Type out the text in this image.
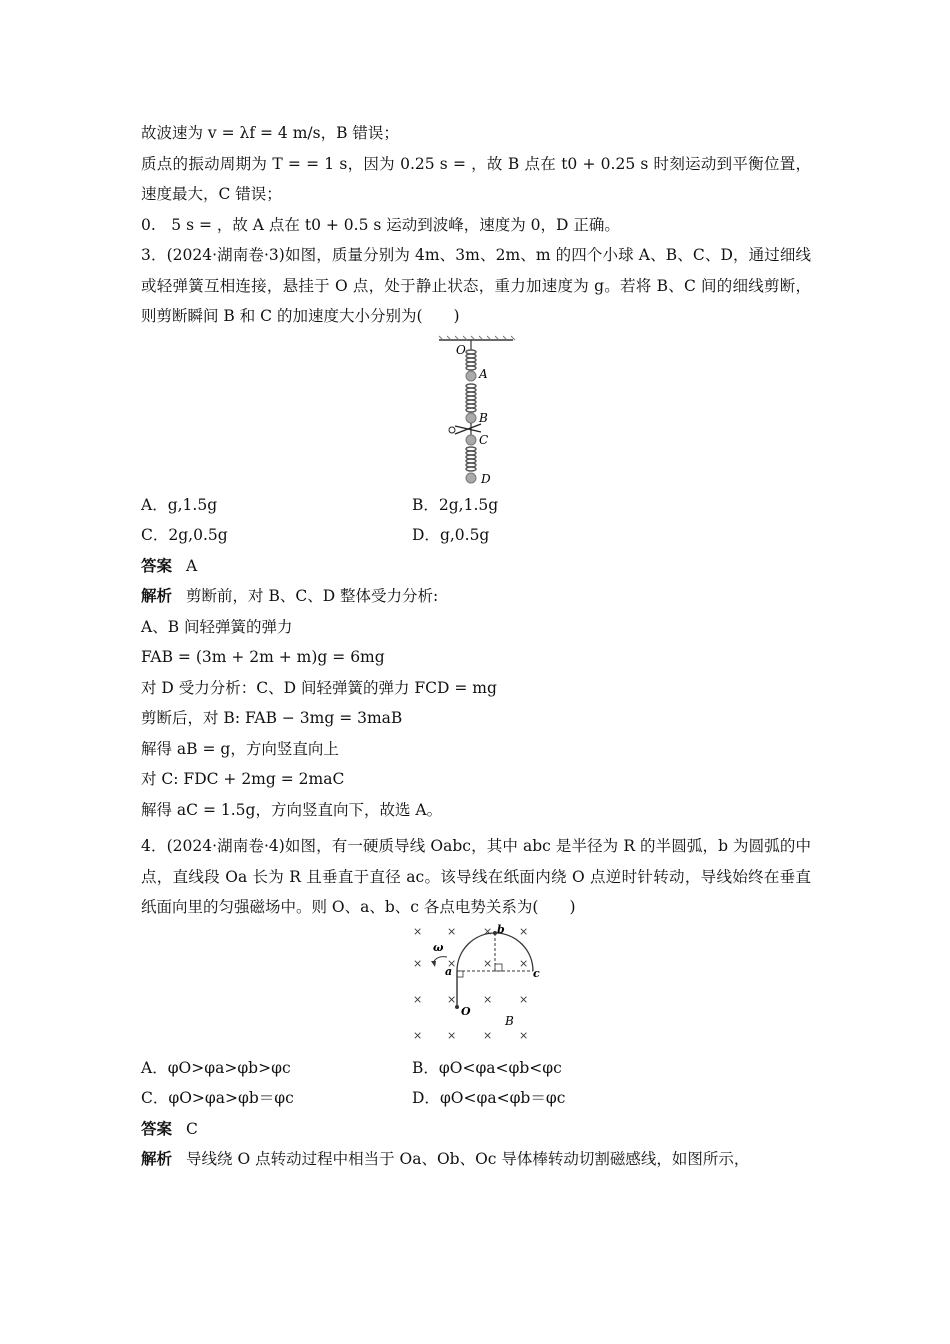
故波速为 v = λf = 4 m/s，B 错误；
质点的振动周期为 T = = 1 s，因为 0.25 s = ，故 B 点在 t0 + 0.25 s 时刻运动到平衡位置，速度最大，C 错误；
0.　5 s = ，故 A 点在 t0 + 0.5 s 运动到波峰，速度为 0，D 正确。
3．(2024·湖南卷·3)如图，质量分别为 4m、3m、2m、m 的四个小球 A、B、C、D，通过细线或轻弹簧互相连接，悬挂于 O 点，处于静止状态，重力加速度为 g。若将 B、C 间的细线剪断，则剪断瞬间 B 和 C 的加速度大小分别为(　　)
O
A
B
C
D
A．g,1.5g	B．2g,1.5g
C．2g,0.5g	D．g,0.5g
答案 A
解析 剪断前，对 B、C、D 整体受力分析:
A、B 间轻弹簧的弹力
FAB = (3m + 2m + m)g = 6mg
对 D 受力分析：C、D 间轻弹簧的弹力 FCD = mg
剪断后，对 B: FAB − 3mg = 3maB
解得 aB = g，方向竖直向上
对 C: FDC + 2mg = 2maC
解得 aC = 1.5g，方向竖直向下，故选 A。
4．(2024·湖南卷·4)如图，有一硬质导线 Oabc，其中 abc 是半径为 R 的半圆弧，b 为圆弧的中点，直线段 Oa 长为 R 且垂直于直径 ac。该导线在纸面内绕 O 点逆时针转动，导线始终在垂直纸面向里的匀强磁场中。则 O、a、b、c 各点电势关系为(　　)
× × × ×
× × × ×
× × × ×
× × × ×
ω
a
b
c
O
B
A．φO>φa>φb>φc	B．φO<φa<φb<φc
C．φO>φa>φb＝φc	D．φO<φa<φb＝φc
答案 C
解析 导线绕 O 点转动过程中相当于 Oa、Ob、Oc 导体棒转动切割磁感线，如图所示，
